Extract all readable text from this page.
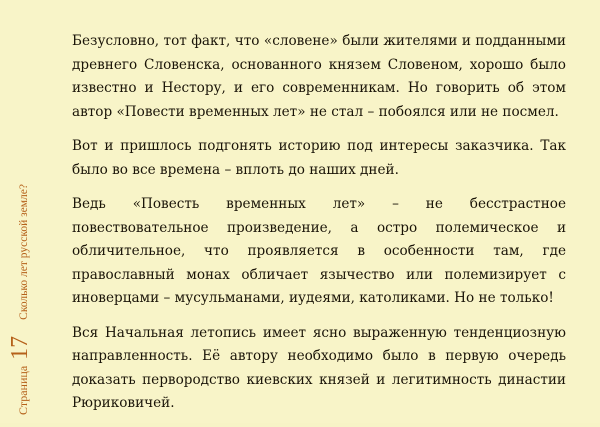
Страница
17
Сколько лет русской земле?

Безусловно, тот факт, что «словене» были жителями и подданными древнего Словенска, основанного князем Словеном, хорошо было известно и Нестору, и его современникам. Но говорить об этом автор «Повести временных лет» не стал – побоялся или не посмел.

Вот и пришлось подгонять историю под интересы заказчика. Так было во все времена – вплоть до наших дней.

Ведь «Повесть временных лет» – не бесстрастное повествовательное произведение, а остро полемическое и обличительное, что проявляется в особенности там, где православный монах обличает язычество или полемизирует с иноверцами – мусульманами, иудеями, католиками. Но не только!

Вся Начальная летопись имеет ясно выраженную тенденциозную направленность. Её автору необходимо было в первую очередь доказать первородство киевских князей и легитимность династии Рюриковичей.
